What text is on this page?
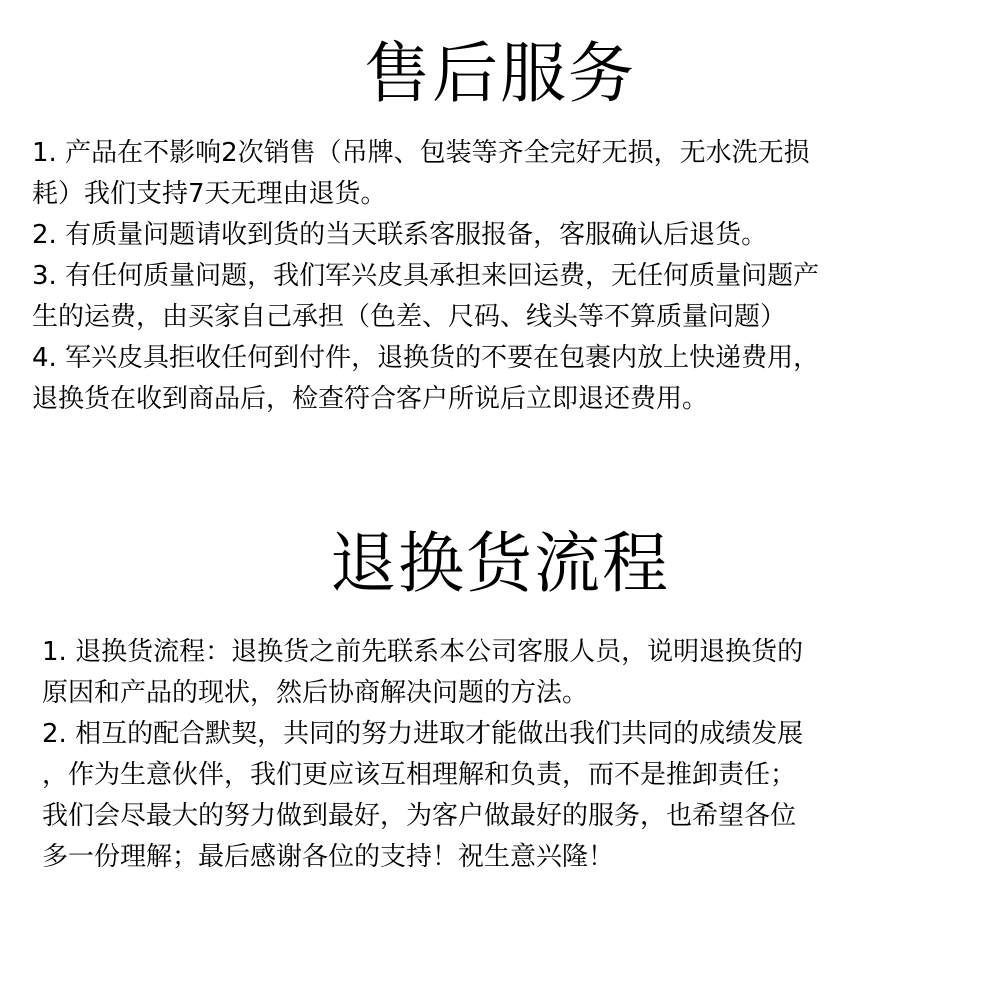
售后服务
1. 产品在不影响2次销售（吊牌、包装等齐全完好无损，无水洗无损
耗）我们支持7天无理由退货。
2. 有质量问题请收到货的当天联系客服报备，客服确认后退货。
3. 有任何质量问题，我们军兴皮具承担来回运费，无任何质量问题产
生的运费，由买家自己承担（色差、尺码、线头等不算质量问题）
4. 军兴皮具拒收任何到付件，退换货的不要在包裹内放上快递费用，
退换货在收到商品后，检查符合客户所说后立即退还费用。
退换货流程
1. 退换货流程：退换货之前先联系本公司客服人员，说明退换货的
原因和产品的现状，然后协商解决问题的方法。
2. 相互的配合默契，共同的努力进取才能做出我们共同的成绩发展
，作为生意伙伴，我们更应该互相理解和负责，而不是推卸责任；
我们会尽最大的努力做到最好，为客户做最好的服务，也希望各位
多一份理解；最后感谢各位的支持！祝生意兴隆！
